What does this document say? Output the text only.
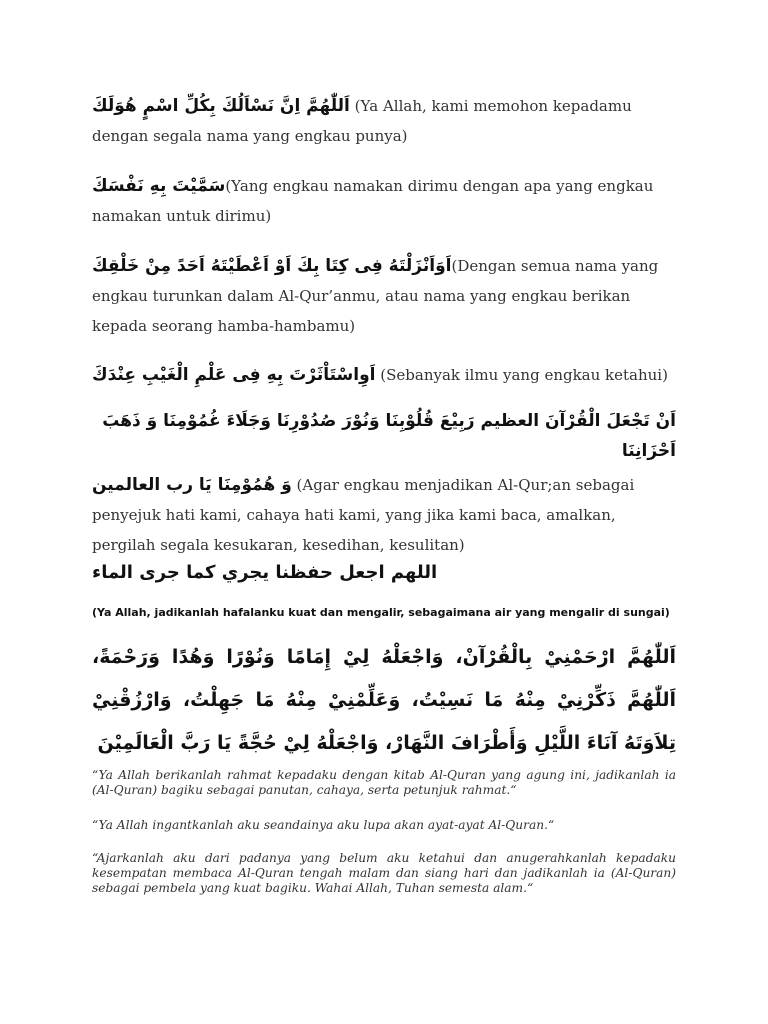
اَللّٰهُمَّ اِنَّ نَسْاَلُكَ بِكُلِّ اسْمٍ هُوَلَكَ (Ya Allah, kami memohon kepadamu dengan segala nama yang engkau punya)
سَمَّيْتَ بِهِ نَفْسَكَ(Yang engkau namakan dirimu dengan apa yang engkau namakan untuk dirimu)
اَوَاَنْزَلْتَهُ فِى كِتَا بِكَ اَوْ اَعْطَيْتَهُ اَحَدً مِنْ خَلْقِكَ(Dengan semua nama yang engkau turunkan dalam Al-Qur’anmu, atau nama yang engkau berikan kepada seorang hamba-hambamu)
اَوِاسْتَاْثَرْتَ بِهِ فِى عَلْمِ الْغَيْبِ عِنْدَكَ (Sebanyak ilmu yang engkau ketahui)
اَنْ تَجْعَلَ الْقُرْآنَ العظيم رَبِيْعَ قُلُوْبِنَا وَنُوْرَ صُدُوْرِنَا وَجَلَاءَ غُمُوْمِنَا وَ ذَهَبَ اَحْزَانِنَا
وَ هُمُوْمِنَا يَا رب العالمين (Agar engkau menjadikan Al-Qur;an sebagai penyejuk hati kami, cahaya hati kami, yang jika kami baca, amalkan, pergilah segala kesukaran, kesedihan, kesulitan)
اللهم اجعل حفظنا يجري كما جرى الماء
(Ya Allah, jadikanlah hafalanku kuat dan mengalir, sebagaimana air yang mengalir di sungai)
اَللّٰهُمَّ ارْحَمْنِيْ بِالْقُرْآنْ، وَاجْعَلْهُ لِيْ إِمَامًا وَنُوْرًا وَهُدًا وَرَحْمَةً، اَللّٰهُمَّ ذَكِّرْنِيْ مِنْهُ مَا نَسِيْتُ، وَعَلِّمْنِيْ مِنْهُ مَا جَهِلْتُ، وَارْزُقْنِيْ تِلاَوَتَهُ آنَاءَ اللَّيْلِ وَأَطْرَافَ النَّهَارْ، وَاجْعَلْهُ لِيْ حُجَّةً يَا رَبَّ الْعَالَمِيْنَ
“Ya Allah berikanlah rahmat kepadaku dengan kitab Al-Quran yang agung ini, jadikanlah ia (Al-Quran) bagiku sebagai panutan, cahaya, serta petunjuk rahmat.“
“Ya Allah ingantkanlah aku seandainya aku lupa akan ayat-ayat Al-Quran.“
“Ajarkanlah aku dari padanya yang belum aku ketahui dan anugerahkanlah kepadaku kesempatan membaca Al-Quran tengah malam dan siang hari dan jadikanlah ia (Al-Quran) sebagai pembela yang kuat bagiku. Wahai Allah, Tuhan semesta alam.“
